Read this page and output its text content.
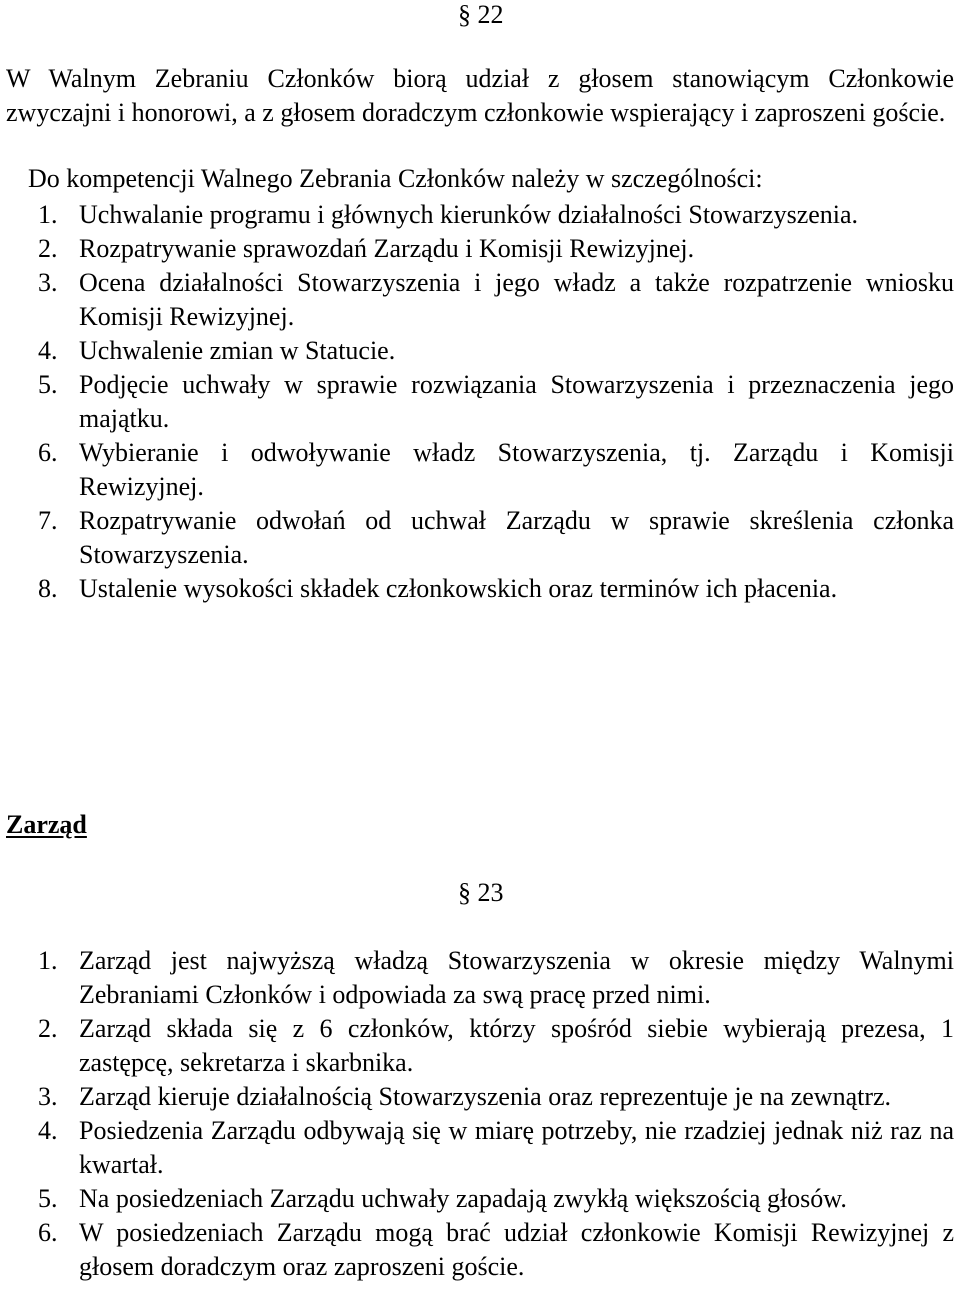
§ 22
W Walnym Zebraniu Członków biorą udział z głosem stanowiącym Członkowie zwyczajni i honorowi, a z głosem doradczym członkowie wspierający i zaproszeni goście.
Do kompetencji Walnego Zebrania Członków należy w szczególności:
1. Uchwalanie programu i głównych kierunków działalności Stowarzyszenia.
2. Rozpatrywanie sprawozdań Zarządu i Komisji Rewizyjnej.
3. Ocena działalności Stowarzyszenia i jego władz a także rozpatrzenie wniosku Komisji Rewizyjnej.
4. Uchwalenie zmian w Statucie.
5. Podjęcie uchwały w sprawie rozwiązania Stowarzyszenia i przeznaczenia jego majątku.
6. Wybieranie i odwoływanie władz Stowarzyszenia, tj. Zarządu i Komisji Rewizyjnej.
7. Rozpatrywanie odwołań od uchwał Zarządu w sprawie skreślenia członka Stowarzyszenia.
8. Ustalenie wysokości składek członkowskich oraz terminów ich płacenia.
Zarząd
§ 23
1. Zarząd jest najwyższą władzą Stowarzyszenia w okresie między Walnymi Zebraniami Członków i odpowiada za swą pracę przed nimi.
2. Zarząd składa się z 6 członków, którzy spośród siebie wybierają prezesa, 1 zastępcę, sekretarza i skarbnika.
3. Zarząd kieruje działalnością Stowarzyszenia oraz reprezentuje je na zewnątrz.
4. Posiedzenia Zarządu odbywają się w miarę potrzeby, nie rzadziej jednak niż raz na kwartał.
5. Na posiedzeniach Zarządu uchwały zapadają zwykłą większością głosów.
6. W posiedzeniach Zarządu mogą brać udział członkowie Komisji Rewizyjnej z głosem doradczym oraz zaproszeni goście.
